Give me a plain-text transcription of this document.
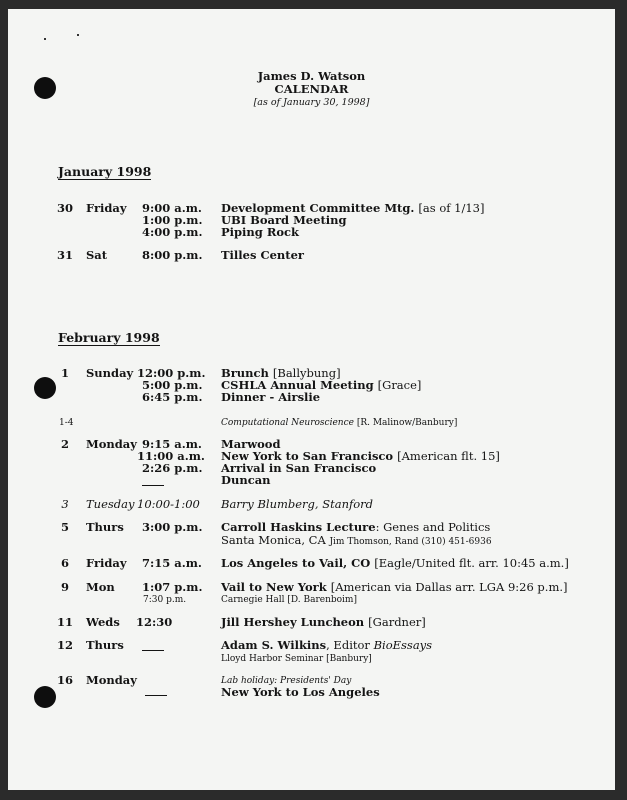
James D. Watson
CALENDAR
[as of January 30, 1998]
January 1998
30 Friday 9:00 a.m. Development Committee Mtg. [as of 1/13]
1:00 p.m. UBI Board Meeting
4:00 p.m. Piping Rock
31 Sat	8:00 p.m. Tilles Center
February 1998
1	Sunday 12:00 p.m. Brunch [Ballybung]
5:00 p.m. CSHLA Annual Meeting [Grace]
6:45 p.m. Dinner - Airslie
1-4	Computational Neuroscience [R. Malinow/Banbury]
2	Monday 9:15 a.m. Marwood
11:00 a.m. New York to San Francisco [American flt. 15]
2:26 p.m. Arrival in San Francisco
Duncan
3	Tuesday 10:00-1:00 Barry Blumberg, Stanford
5	Thurs 3:00 p.m. Carroll Haskins Lecture: Genes and Politics
Santa Monica, CA Jim Thomson, Rand (310) 451-6936
6	Friday 7:15 a.m. Los Angeles to Vail, CO [Eagle/United flt. arr. 10:45 a.m.]
9	Mon 1:07 p.m. Vail to New York [American via Dallas arr. LGA 9:26 p.m.]
7:30 p.m.	Carnegie Hall [D. Barenboim]
11 Weds 12:30	Jill Hershey Luncheon [Gardner]
12 Thurs	Adam S. Wilkins, Editor BioEssays
Lloyd Harbor Seminar [Banbury]
16 Monday	Lab holiday: Presidents' Day
New York to Los Angeles
